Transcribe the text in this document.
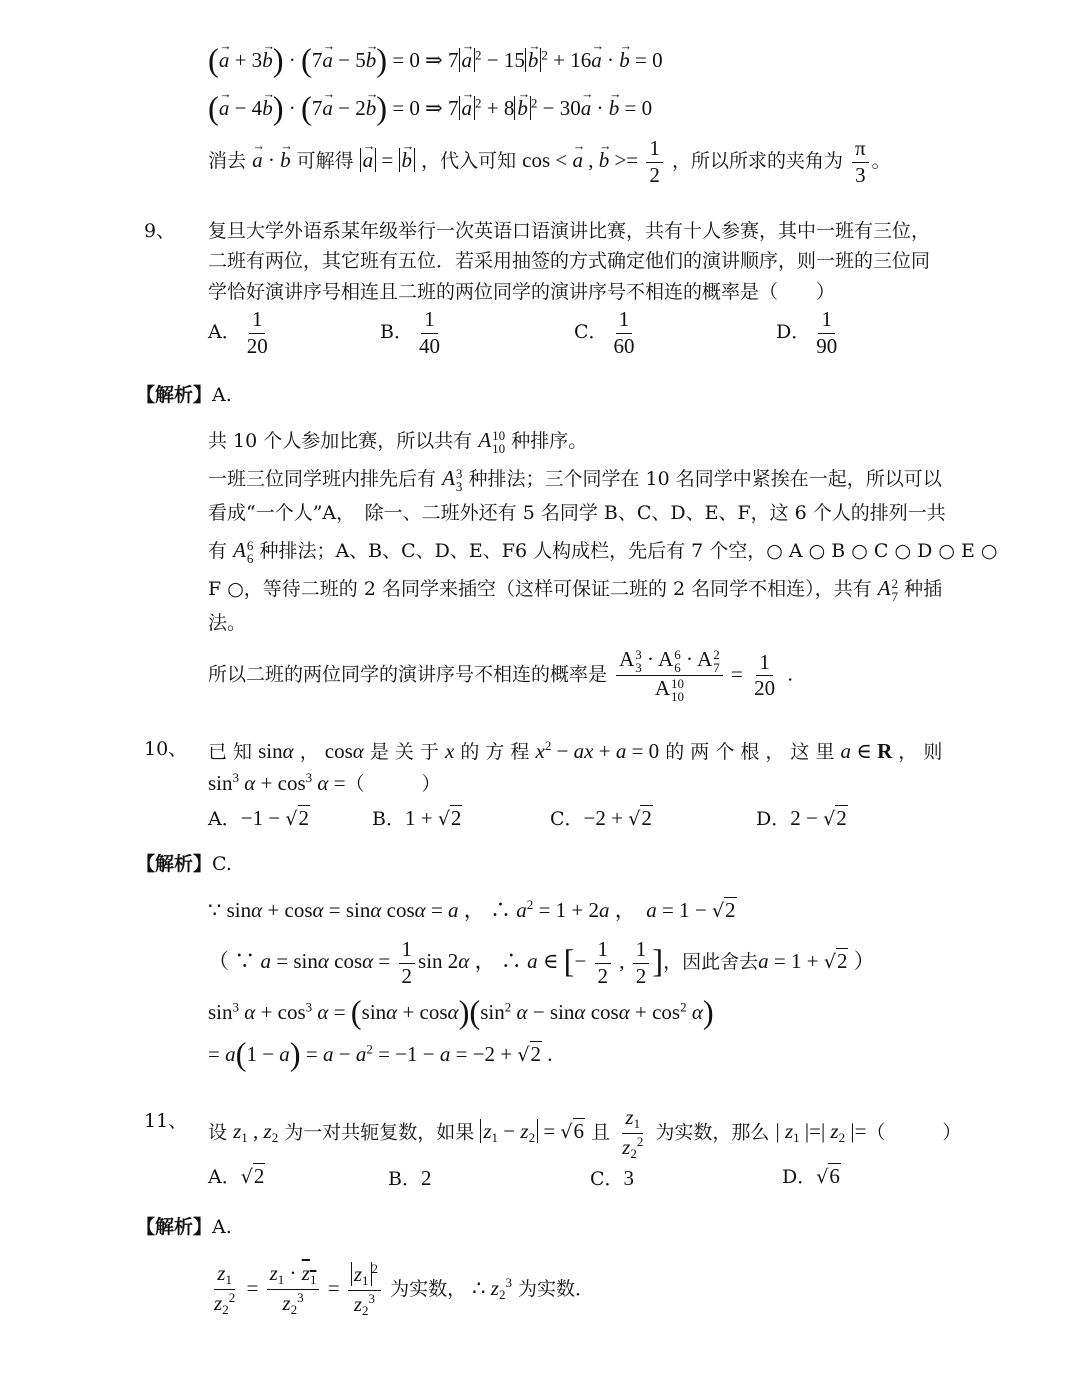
(→ a + 3→ b) · (7→ a − 5→ b) = 0 ⇒ 7 → a $^2$ − 15 → b $^2$ + 16→ a · → b = 0
(→ a − 4→ b) · (7→ a − 2→ b) = 0 ⇒ 7 → a $^2$ + 8 → b $^2$ − 30→ a · → b = 0
消去 → a · → b 可解得 → a = → b ，代入可知 cos < → a , → $b >= \frac{1}{2}$ ，所以所求的夹角为 $\frac{\pi}{3}$ 。
9、 复旦大学外语系某年级举行一次英语口语演讲比赛，共有十人参赛，其中一班有三位，
二班有两位，其它班有五位．若采用抽签的方式确定他们的演讲顺序，则一班的三位同
学恰好演讲序号相连且二班的两位同学的演讲序号不相连的概率是（　　）
A． $\frac{1}{20}$	B． $\frac{1}{40}$	C． $\frac{1}{60}$	D． $\frac{1}{90}$
【解析】A.
共 10 个人参加比赛，所以共有 A 10
10 种排序。
一班三位同学班内排先后有 A 3
3 种排法；三个同学在 10 名同学中紧挨在一起，所以可以
看成“一个人”A，　除一、二班外还有 5 名同学 B、C、D、E、F，这 6 个人的排列一共
有 A 6
6 种排法；A、B、C、D、E、F6 人构成栏，先后有 7 个空，○ A ○ B ○ C ○ D ○ E ○
F ○，等待二班的 2 名同学来插空（这样可保证二班的 2 名同学不相连），共有 A 2
7 种插
法。
所以二班的两位同学的演讲序号不相连的概率是 A 3
3 · A 6
6 · A 2
7
A 10
$10 = \frac{1}{20}$ .
10、 已 知 sinα ， cosα 是 关 于 x 的 方 程 $x^2$ − ax + a = 0 的 两 个 根 ， 这 里 a ∈ R ， 则
$\sin^3 \alpha + \cos^3 \alpha$ =（　　　）
A．−1 − √2	B．1 + √2	C．−2 + √2	D．2 − √2
【解析】C.
∵ sinα + cosα = sinα cosα = a ， ∴ $a^2 = 1 + 2a$ ，  a = 1 − √2
（ ∵ a = sinα $\cos\alpha = \frac{1}{2}$ sin 2α ， ∴ a ∈ [− $\frac{1}{2}$ , $\frac{1}{2}$ ]，因此舍去a = 1 + √2 ）
$\sin^3 \alpha + \cos^3 \alpha = (\sin\alpha + \cos\alpha)(\sin^2$ α − sinα $\cos\alpha + \cos^2 \alpha$)
= $a(1 - a) = a - a^2 = -1 - a = -2 + √2$ .
11、
设 $z_1$ , $z_2$ 为一对共轭复数，如果 $z_1 - z_2 = √6$ 且 $\frac{z_1}{z_2^2}$ 为实数，那么 | $z_1$ |=| $z_2$ |=（　　　）
A．√2	B．2	C．3	D．√6
【解析】A.
$\frac{z_1}{z_2^2} = \frac{z_1 \cdot z_1}{z_2^3} = \frac{z_1^2}{z_2^3}$ 为实数， ∴ $z_2^3$ 为实数．
